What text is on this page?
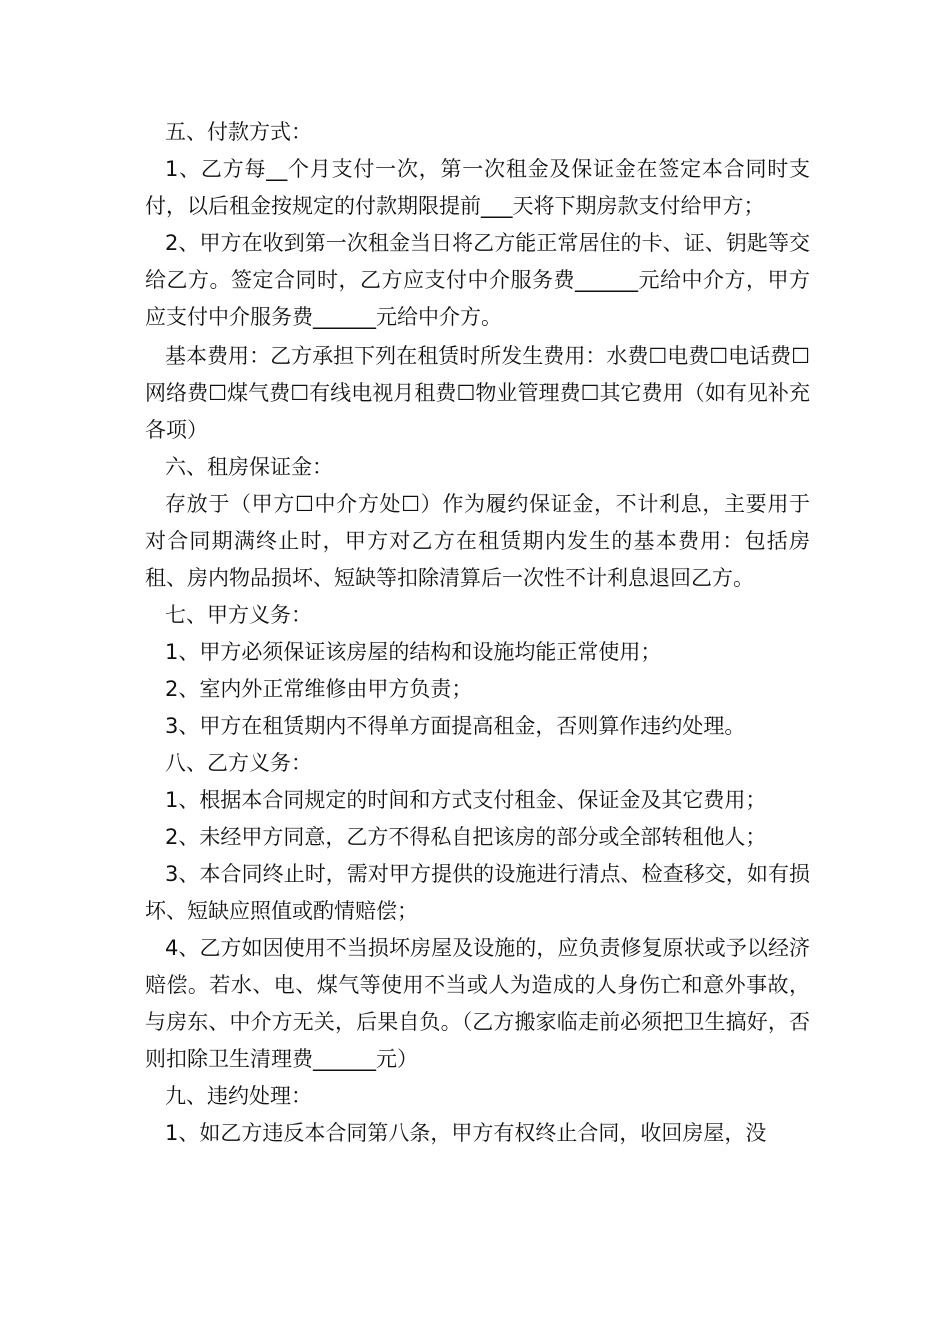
五、付款方式：

1、乙方每__个月支付一次，第一次租金及保证金在签定本合同时支付，以后租金按规定的付款期限提前___天将下期房款支付给甲方；

2、甲方在收到第一次租金当日将乙方能正常居住的卡、证、钥匙等交给乙方。签定合同时，乙方应支付中介服务费______元给中介方，甲方应支付中介服务费______元给中介方。

基本费用：乙方承担下列在租赁时所发生费用：水费☐电费☐电话费☐网络费☐煤气费☐有线电视月租费☐物业管理费☐其它费用（如有见补充各项）

六、租房保证金：

存放于（甲方☐中介方处☐）作为履约保证金，不计利息，主要用于对合同期满终止时，甲方对乙方在租赁期内发生的基本费用：包括房租、房内物品损坏、短缺等扣除清算后一次性不计利息退回乙方。

七、甲方义务：

1、甲方必须保证该房屋的结构和设施均能正常使用；

2、室内外正常维修由甲方负责；

3、甲方在租赁期内不得单方面提高租金，否则算作违约处理。

八、乙方义务：

1、根据本合同规定的时间和方式支付租金、保证金及其它费用；

2、未经甲方同意，乙方不得私自把该房的部分或全部转租他人；

3、本合同终止时，需对甲方提供的设施进行清点、检查移交，如有损坏、短缺应照值或酌情赔偿；

4、乙方如因使用不当损坏房屋及设施的，应负责修复原状或予以经济赔偿。若水、电、煤气等使用不当或人为造成的人身伤亡和意外事故，与房东、中介方无关，后果自负。（乙方搬家临走前必须把卫生搞好，否则扣除卫生清理费______元）

九、违约处理：

1、如乙方违反本合同第八条，甲方有权终止合同，收回房屋，没
